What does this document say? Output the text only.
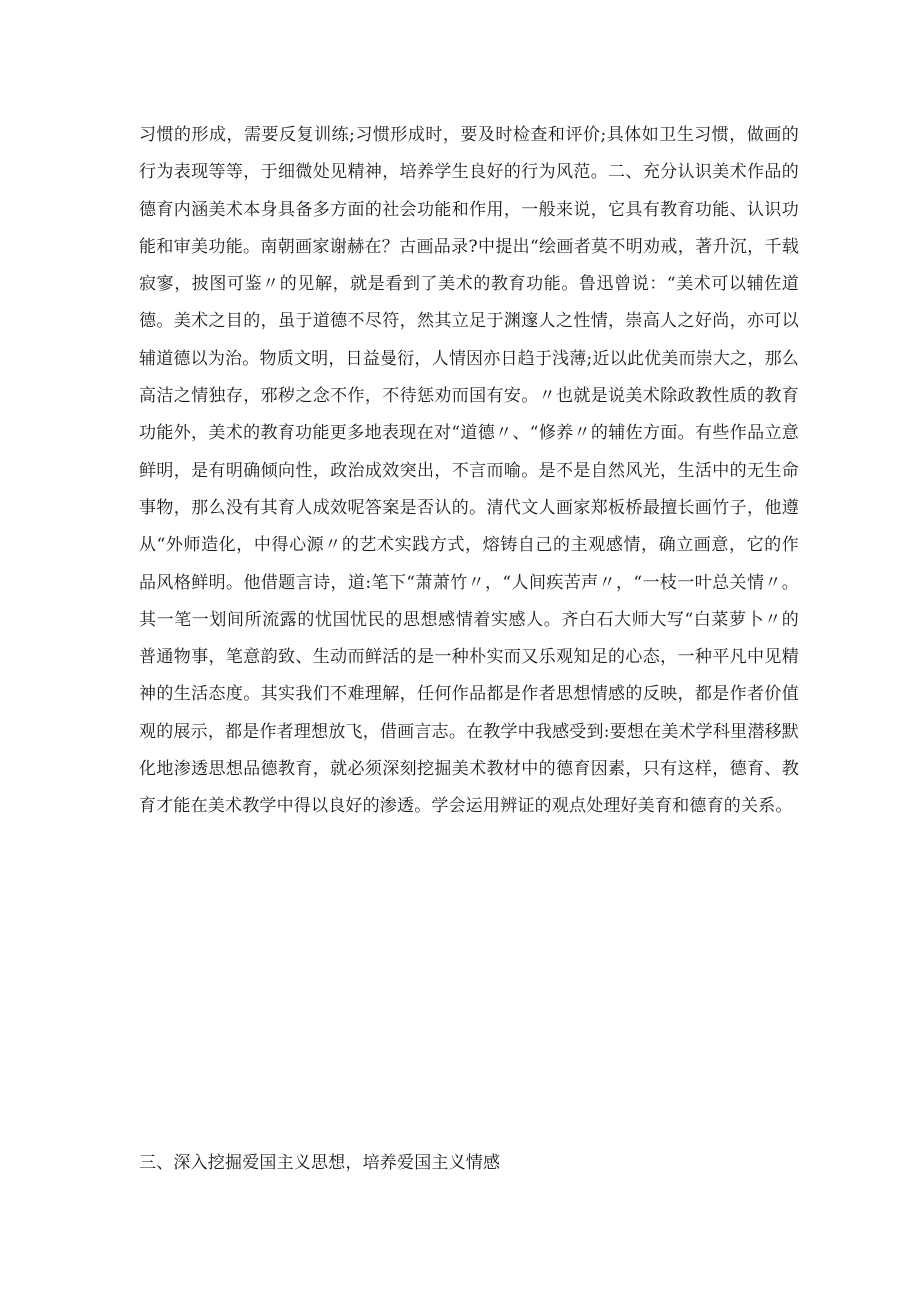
习惯的形成，需要反复训练;习惯形成时，要及时检查和评价;具体如卫生习惯，做画的行为表现等等，于细微处见精神，培养学生良好的行为风范。二、充分认识美术作品的德育内涵美术本身具备多方面的社会功能和作用，一般来说，它具有教育功能、认识功能和审美功能。南朝画家谢赫在？古画品录?中提出“绘画者莫不明劝戒，著升沉，千载寂寥，披图可鉴〃的见解，就是看到了美术的教育功能。鲁迅曾说：“美术可以辅佐道德。美术之目的，虽于道德不尽符，然其立足于渊邃人之性情，崇高人之好尚，亦可以辅道德以为治。物质文明，日益曼衍，人情因亦日趋于浅薄;近以此优美而崇大之，那么高洁之情独存，邪秽之念不作，不待惩劝而国有安。〃也就是说美术除政教性质的教育功能外，美术的教育功能更多地表现在对“道德〃、“修养〃的辅佐方面。有些作品立意鲜明，是有明确倾向性，政治成效突出，不言而喻。是不是自然风光，生活中的无生命事物，那么没有其育人成效呢答案是否认的。清代文人画家郑板桥最擅长画竹子，他遵从“外师造化，中得心源〃的艺术实践方式，熔铸自己的主观感情，确立画意，它的作品风格鲜明。他借题言诗，道:笔下“萧萧竹〃，“人间疾苦声〃，“一枝一叶总关情〃。其一笔一划间所流露的忧国忧民的思想感情着实感人。齐白石大师大写“白菜萝卜〃的普通物事，笔意韵致、生动而鲜活的是一种朴实而又乐观知足的心态，一种平凡中见精神的生活态度。其实我们不难理解，任何作品都是作者思想情感的反映，都是作者价值观的展示，都是作者理想放飞，借画言志。在教学中我感受到:要想在美术学科里潜移默化地渗透思想品德教育，就必须深刻挖掘美术教材中的德育因素，只有这样，德育、教育才能在美术教学中得以良好的渗透。学会运用辨证的观点处理好美育和德育的关系。

三、深入挖掘爱国主义思想，培养爱国主义情感
